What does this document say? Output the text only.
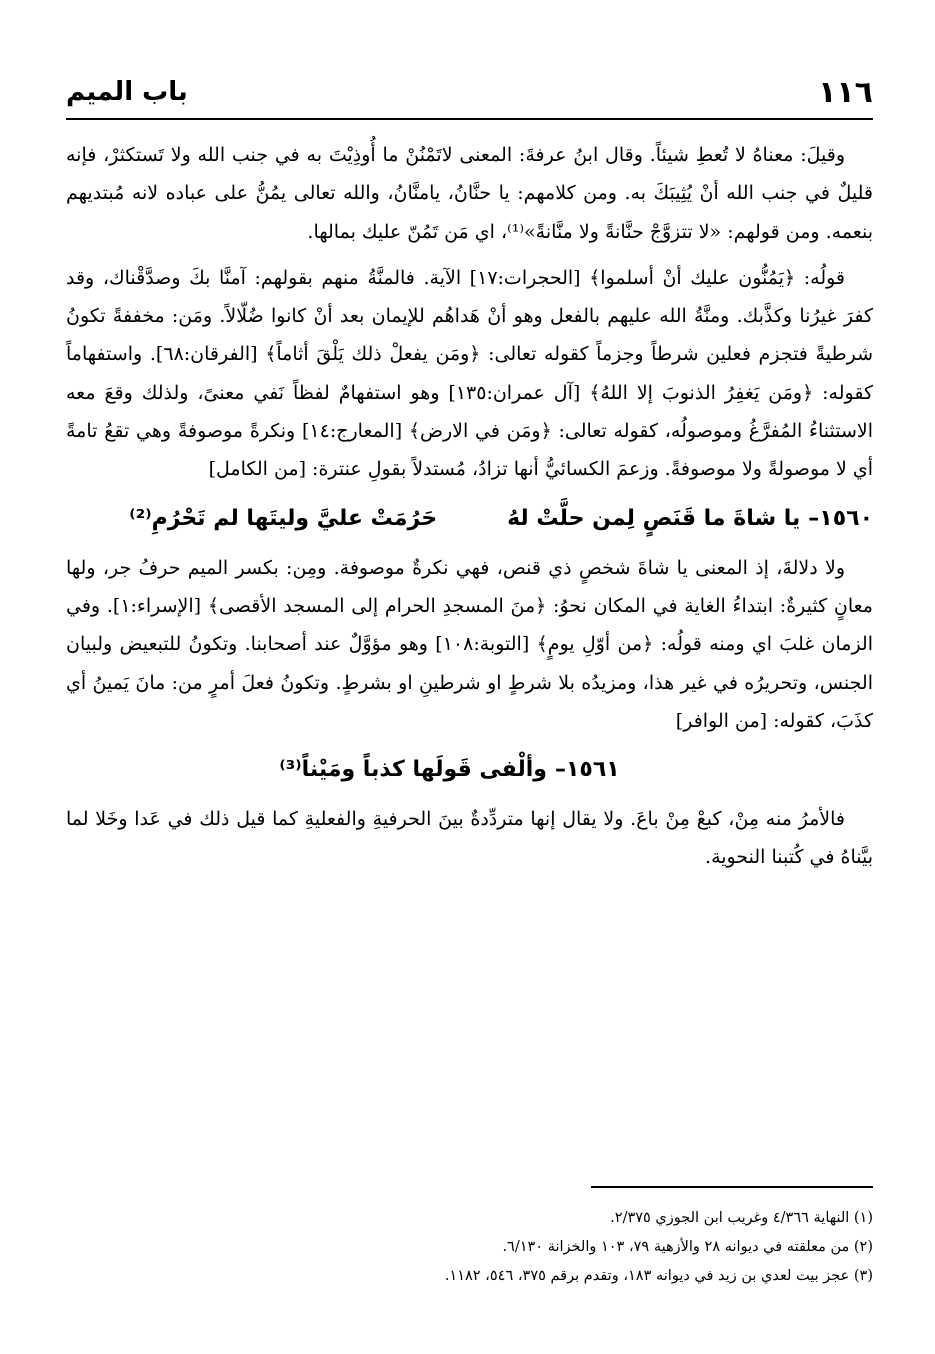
١١٦
باب الميم

وقيلَ: معناهُ لا تُعطِ شيئاً. وقال ابنُ عرفةَ: المعنى لاتَمْنُنْ ما أُوذِيْتَ به في جنب الله ولا تَستكثرْ، فإنه قليلٌ في جنب الله أنْ يُثِيبَكَ به. ومن كلامهم: يا حنَّانُ، يامنَّانُ، والله تعالى يمُنُّ على عباده لانه مُبتديهم بنعمه. ومن قولهم: «لا تتزوَّجْ حنَّانةً ولا منَّانةً»⁽¹⁾، اي مَن تَمُنّ عليك بمالها.

قولُه: ﴿يَمُنُّون عليك أنْ أسلموا﴾ [الحجرات:١٧] الآية. فالمنَّةُ منهم بقولهم: آمنَّا بكَ وصدَّقْناك، وقد كفرَ غيرُنا وكذَّبك. ومنَّةُ الله عليهم بالفعل وهو أنْ هَداهُم للإيمان بعد أنْ كانوا ضُلّالاً. ومَن: مخففةً تكونُ شرطيةً فتجزم فعلين شرطاً وجزماً كقوله تعالى: ﴿ومَن يفعلْ ذلك يَلْقَ أثاماً﴾ [الفرقان:٦٨]. واستفهاماً كقوله: ﴿ومَن يَغفِرُ الذنوبَ إلا اللهُ﴾ [آل عمران:١٣٥] وهو استفهامٌ لفظاً نَفي معنىً، ولذلك وقعَ معه الاستثناءُ المُفرَّغُ وموصولُه، كقوله تعالى: ﴿ومَن في الارض﴾ [المعارج:١٤] ونكرةً موصوفةً وهي تقعُ تامةً أي لا موصولةً ولا موصوفةً. وزعمَ الكسائيُّ أنها تزادُ، مُستدلاً بقولِ عنترة: [من الكامل]

١٥٦٠–
يا شاةَ ما قَنَصٍ لِمن حلَّتْ لهُ
حَرُمَتْ عليَّ وليتَها لم تَحْرُمِ⁽²⁾

ولا دلالةَ، إذ المعنى يا شاةَ شخصٍ ذي قنص، فهي نكرةٌ موصوفة. ومِن: بكسر الميم حرفُ جر، ولها معانٍ كثيرةٌ: ابتداءُ الغاية في المكان نحوُ: ﴿منَ المسجدِ الحرام إلى المسجد الأقصى﴾ [الإسراء:١]. وفي الزمان غلبَ اي ومنه قولُه: ﴿من أوّلِ يومٍ﴾ [التوبة:١٠٨] وهو مؤوَّلٌ عند أصحابنا. وتكونُ للتبعيض ولبيان الجنس، وتحريرُه في غير هذا، ومزيدُه بلا شرطٍ او شرطينِ او بشرطٍ. وتكونُ فعلَ أمرٍ من: مانَ يَمينُ أي كذَبَ، كقوله: [من الوافر]

١٥٦١–
وألْفى قَولَها كذباً ومَيْناً⁽³⁾

فالأمرُ منه مِنْ، كبعْ مِنْ باعَ. ولا يقال إنها متردِّدةٌ بينَ الحرفيةِ والفعليةِ كما قيل ذلك في عَدا وخَلا لما بيَّناهُ في كُتبنا النحوية.

(١) النهاية ٤/٣٦٦ وغريب ابن الجوزي ٢/٣٧٥.

(٢) من معلقته في ديوانه ٢٨ والأزهية ٧٩، ١٠٣ والخزانة ٦/١٣٠.

(٣) عجز بيت لعدي بن زيد في ديوانه ١٨٣، وتقدم برقم ٣٧٥، ٥٤٦، ١١٨٢.
